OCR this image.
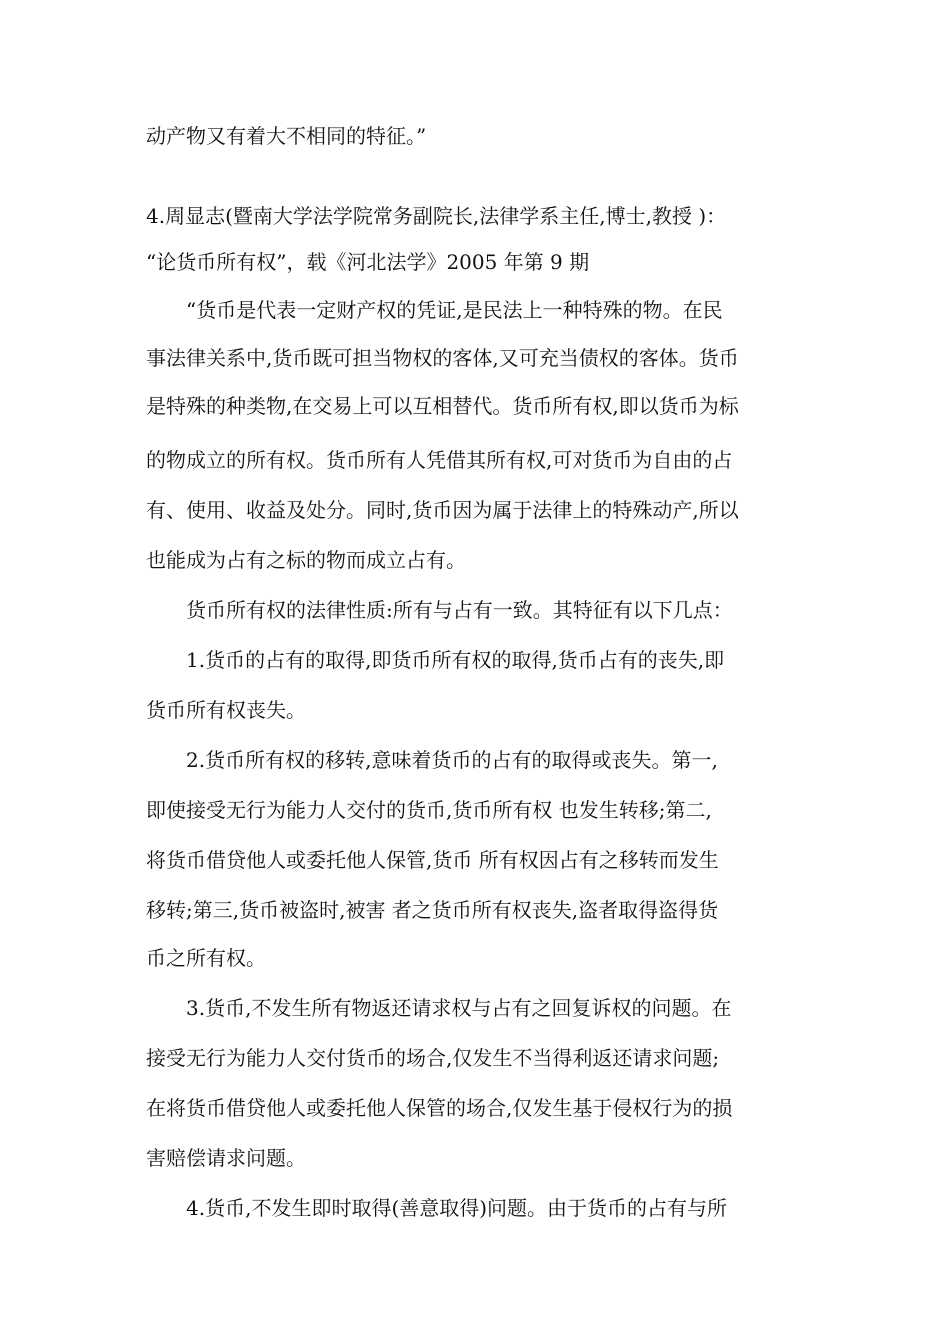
动产物又有着大不相同的特征。”
4.周显志(暨南大学法学院常务副院长,法律学系主任,博士,教授 )：
“论货币所有权”，载《河北法学》2005 年第 9 期
“货币是代表一定财产权的凭证,是民法上一种特殊的物。在民
事法律关系中,货币既可担当物权的客体,又可充当债权的客体。货币
是特殊的种类物,在交易上可以互相替代。货币所有权,即以货币为标
的物成立的所有权。货币所有人凭借其所有权,可对货币为自由的占
有、使用、收益及处分。同时,货币因为属于法律上的特殊动产,所以
也能成为占有之标的物而成立占有。
货币所有权的法律性质:所有与占有一致。其特征有以下几点：
1.货币的占有的取得,即货币所有权的取得,货币占有的丧失,即
货币所有权丧失。
2.货币所有权的移转,意味着货币的占有的取得或丧失。第一,
即使接受无行为能力人交付的货币,货币所有权 也发生转移;第二,
将货币借贷他人或委托他人保管,货币 所有权因占有之移转而发生
移转;第三,货币被盗时,被害 者之货币所有权丧失,盗者取得盗得货
币之所有权。
3.货币,不发生所有物返还请求权与占有之回复诉权的问题。在
接受无行为能力人交付货币的场合,仅发生不当得利返还请求问题;
在将货币借贷他人或委托他人保管的场合,仅发生基于侵权行为的损
害赔偿请求问题。
4.货币,不发生即时取得(善意取得)问题。由于货币的占有与所
